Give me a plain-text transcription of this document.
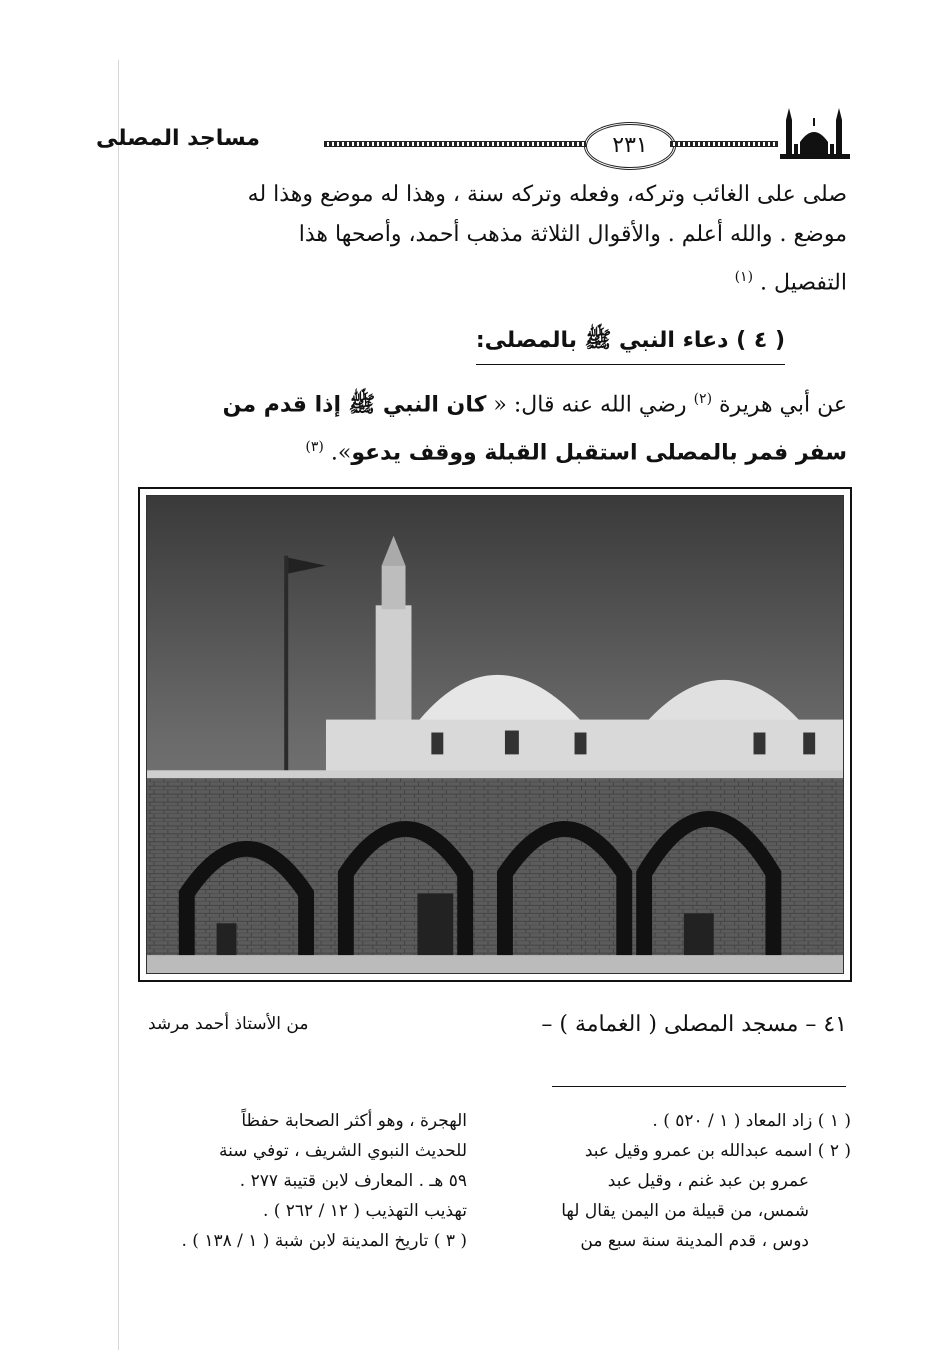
مساجد المصلى	٢٣١
صلى على الغائب وتركه، وفعله وتركه سنة ، وهذا له موضع وهذا له
موضع . والله أعلم . والأقوال الثلاثة مذهب أحمد، وأصحها هذا
التفصيل . $^{(١)}$
( ٤ ) دعاء النبي ﷺ بالمصلى:
عن أبي هريرة $^{(٢)}$ رضي الله عنه قال: « كان النبي ﷺ إذا قدم من
سفر فمر بالمصلى استقبل القبلة ووقف يدعو». $^{(٣)}$
٤١ – مسجد المصلى ( الغمامة ) –
من الأستاذ أحمد مرشد
( ١ ) زاد المعاد ( ١ / ٥٢٠ ) .
( ٢ ) اسمه عبدالله بن عمرو وقيل عبد
عمرو بن عبد غنم ، وقيل عبد
شمس، من قبيلة من اليمن يقال لها
دوس ، قدم المدينة سنة سبع من
الهجرة ، وهو أكثر الصحابة حفظاً
للحديث النبوي الشريف ، توفي سنة
٥٩ هـ . المعارف لابن قتيبة ٢٧٧ .
تهذيب التهذيب ( ١٢ / ٢٦٢ ) .
( ٣ ) تاريخ المدينة لابن شبة ( ١ / ١٣٨ ) .
